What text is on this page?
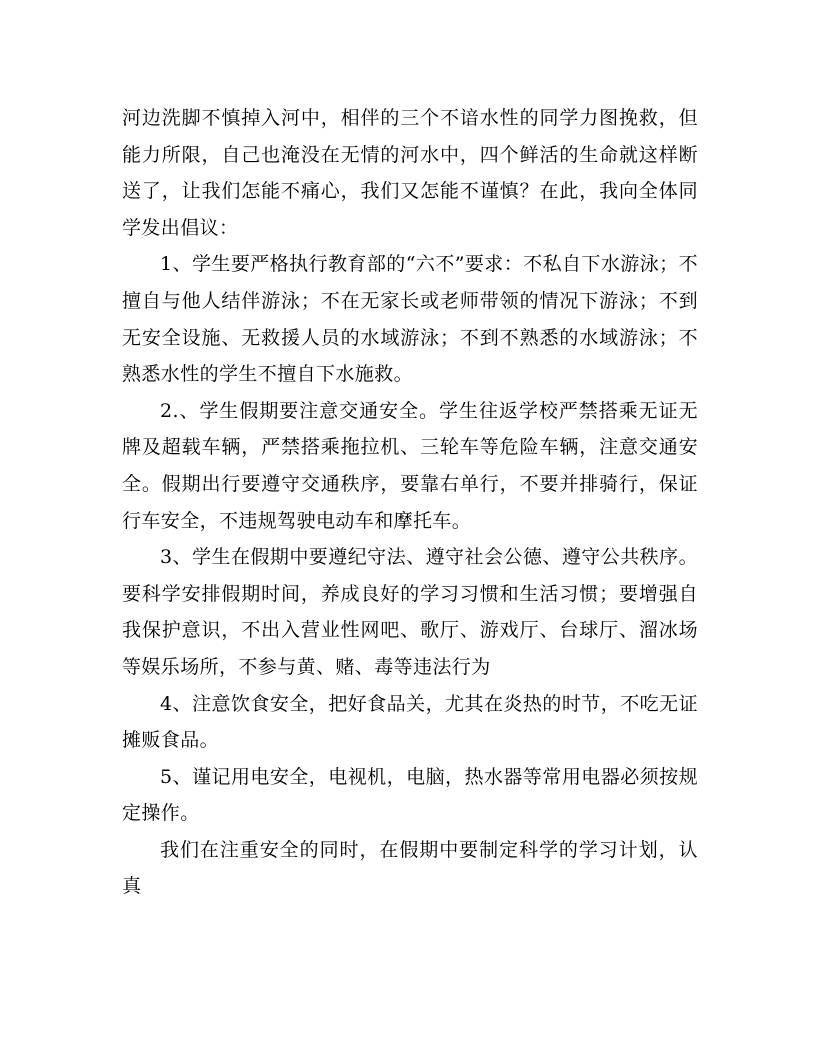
河边洗脚不慎掉入河中，相伴的三个不谙水性的同学力图挽救，但能力所限，自己也淹没在无情的河水中，四个鲜活的生命就这样断送了，让我们怎能不痛心，我们又怎能不谨慎？在此，我向全体同学发出倡议：

1、学生要严格执行教育部的“六不”要求：不私自下水游泳；不擅自与他人结伴游泳；不在无家长或老师带领的情况下游泳；不到无安全设施、无救援人员的水域游泳；不到不熟悉的水域游泳；不熟悉水性的学生不擅自下水施救。

2.、学生假期要注意交通安全。学生往返学校严禁搭乘无证无牌及超载车辆，严禁搭乘拖拉机、三轮车等危险车辆，注意交通安全。假期出行要遵守交通秩序，要靠右单行，不要并排骑行，保证行车安全，不违规驾驶电动车和摩托车。

3、学生在假期中要遵纪守法、遵守社会公德、遵守公共秩序。要科学安排假期时间，养成良好的学习习惯和生活习惯；要增强自我保护意识，不出入营业性网吧、歌厅、游戏厅、台球厅、溜冰场等娱乐场所，不参与黄、赌、毒等违法行为

4、注意饮食安全，把好食品关，尤其在炎热的时节，不吃无证摊贩食品。

5、谨记用电安全，电视机，电脑，热水器等常用电器必须按规定操作。

我们在注重安全的同时，在假期中要制定科学的学习计划，认真
